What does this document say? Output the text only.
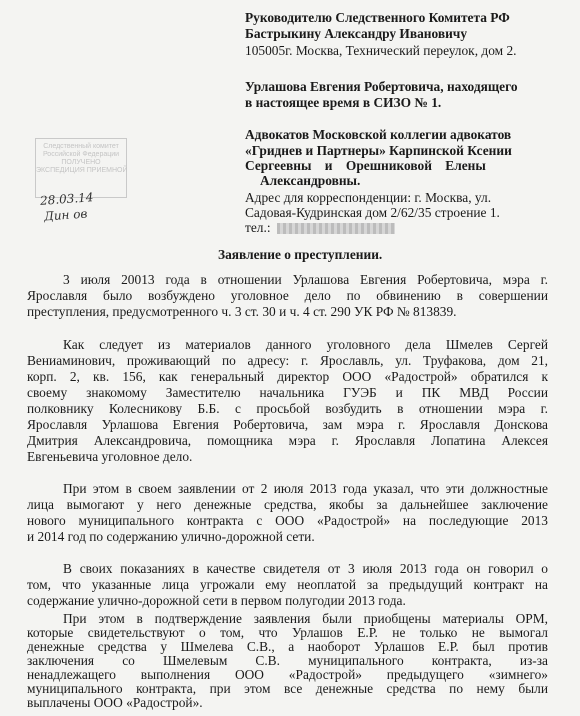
Руководителю Следственного Комитета РФ
Бастрыкину Александру Ивановичу
105005г. Москва, Технический переулок, дом 2.
Урлашова Евгения Робертовича, находящего
в настоящее время в СИЗО № 1.
Адвокатов Московской коллегии адвокатов
«Гриднев и Партнеры» Карпинской Ксении
Сергеевны    и    Орешниковой    Елены
Александровны.
Адрес для корреспонденции: г. Москва, ул.
Садовая-Кудринская дом 2/62/35 строение 1.
тел.:
Следственный комитет
Российской Федерации
ПОЛУЧЕНО
ЭКСПЕДИЦИЯ ПРИЕМНОЙ
28.03.14
Дин ов
Заявление о преступлении.
3 июля 20013 года в отношении Урлашова Евгения Робертовича, мэра г.
Ярославля было возбуждено уголовное дело по обвинению в совершении
преступления, предусмотренного ч. 3 ст. 30 и ч. 4 ст. 290 УК РФ № 813839.
Как следует из материалов данного уголовного дела Шмелев Сергей
Вениаминович, проживающий по адресу: г. Ярославль, ул. Труфакова, дом 21,
корп. 2, кв. 156, как генеральный директор ООО «Радострой» обратился к
своему знакомому Заместителю начальника ГУЭБ и ПК МВД России
полковнику Колесникову Б.Б. с просьбой возбудить в отношении мэра г.
Ярославля Урлашова Евгения Робертовича, зам мэра г. Ярославля Донскова
Дмитрия Александровича, помощника мэра г. Ярославля Лопатина Алексея
Евгеньевича уголовное дело.
При этом в своем заявлении от 2 июля 2013 года указал, что эти должностные
лица вымогают у него денежные средства, якобы за дальнейшее заключение
нового муниципального контракта с ООО «Радострой» на последующие 2013
и 2014 год по содержанию улично-дорожной сети.
В своих показаниях в качестве свидетеля от 3 июля 2013 года он говорил о
том, что указанные лица угрожали ему неоплатой за предыдущий контракт на
содержание улично-дорожной сети в первом полугодии 2013 года.
При этом в подтверждение заявления были приобщены материалы ОРМ,
которые свидетельствуют о том, что Урлашов Е.Р. не только не вымогал
денежные средства у Шмелева С.В., а наоборот Урлашов Е.Р. был против
заключения со Шмелевым С.В. муниципального контракта, из-за
ненадлежащего выполнения ООО «Радострой» предыдущего «зимнего»
муниципального контракта, при этом все денежные средства по нему были
выплачены ООО «Радострой».
